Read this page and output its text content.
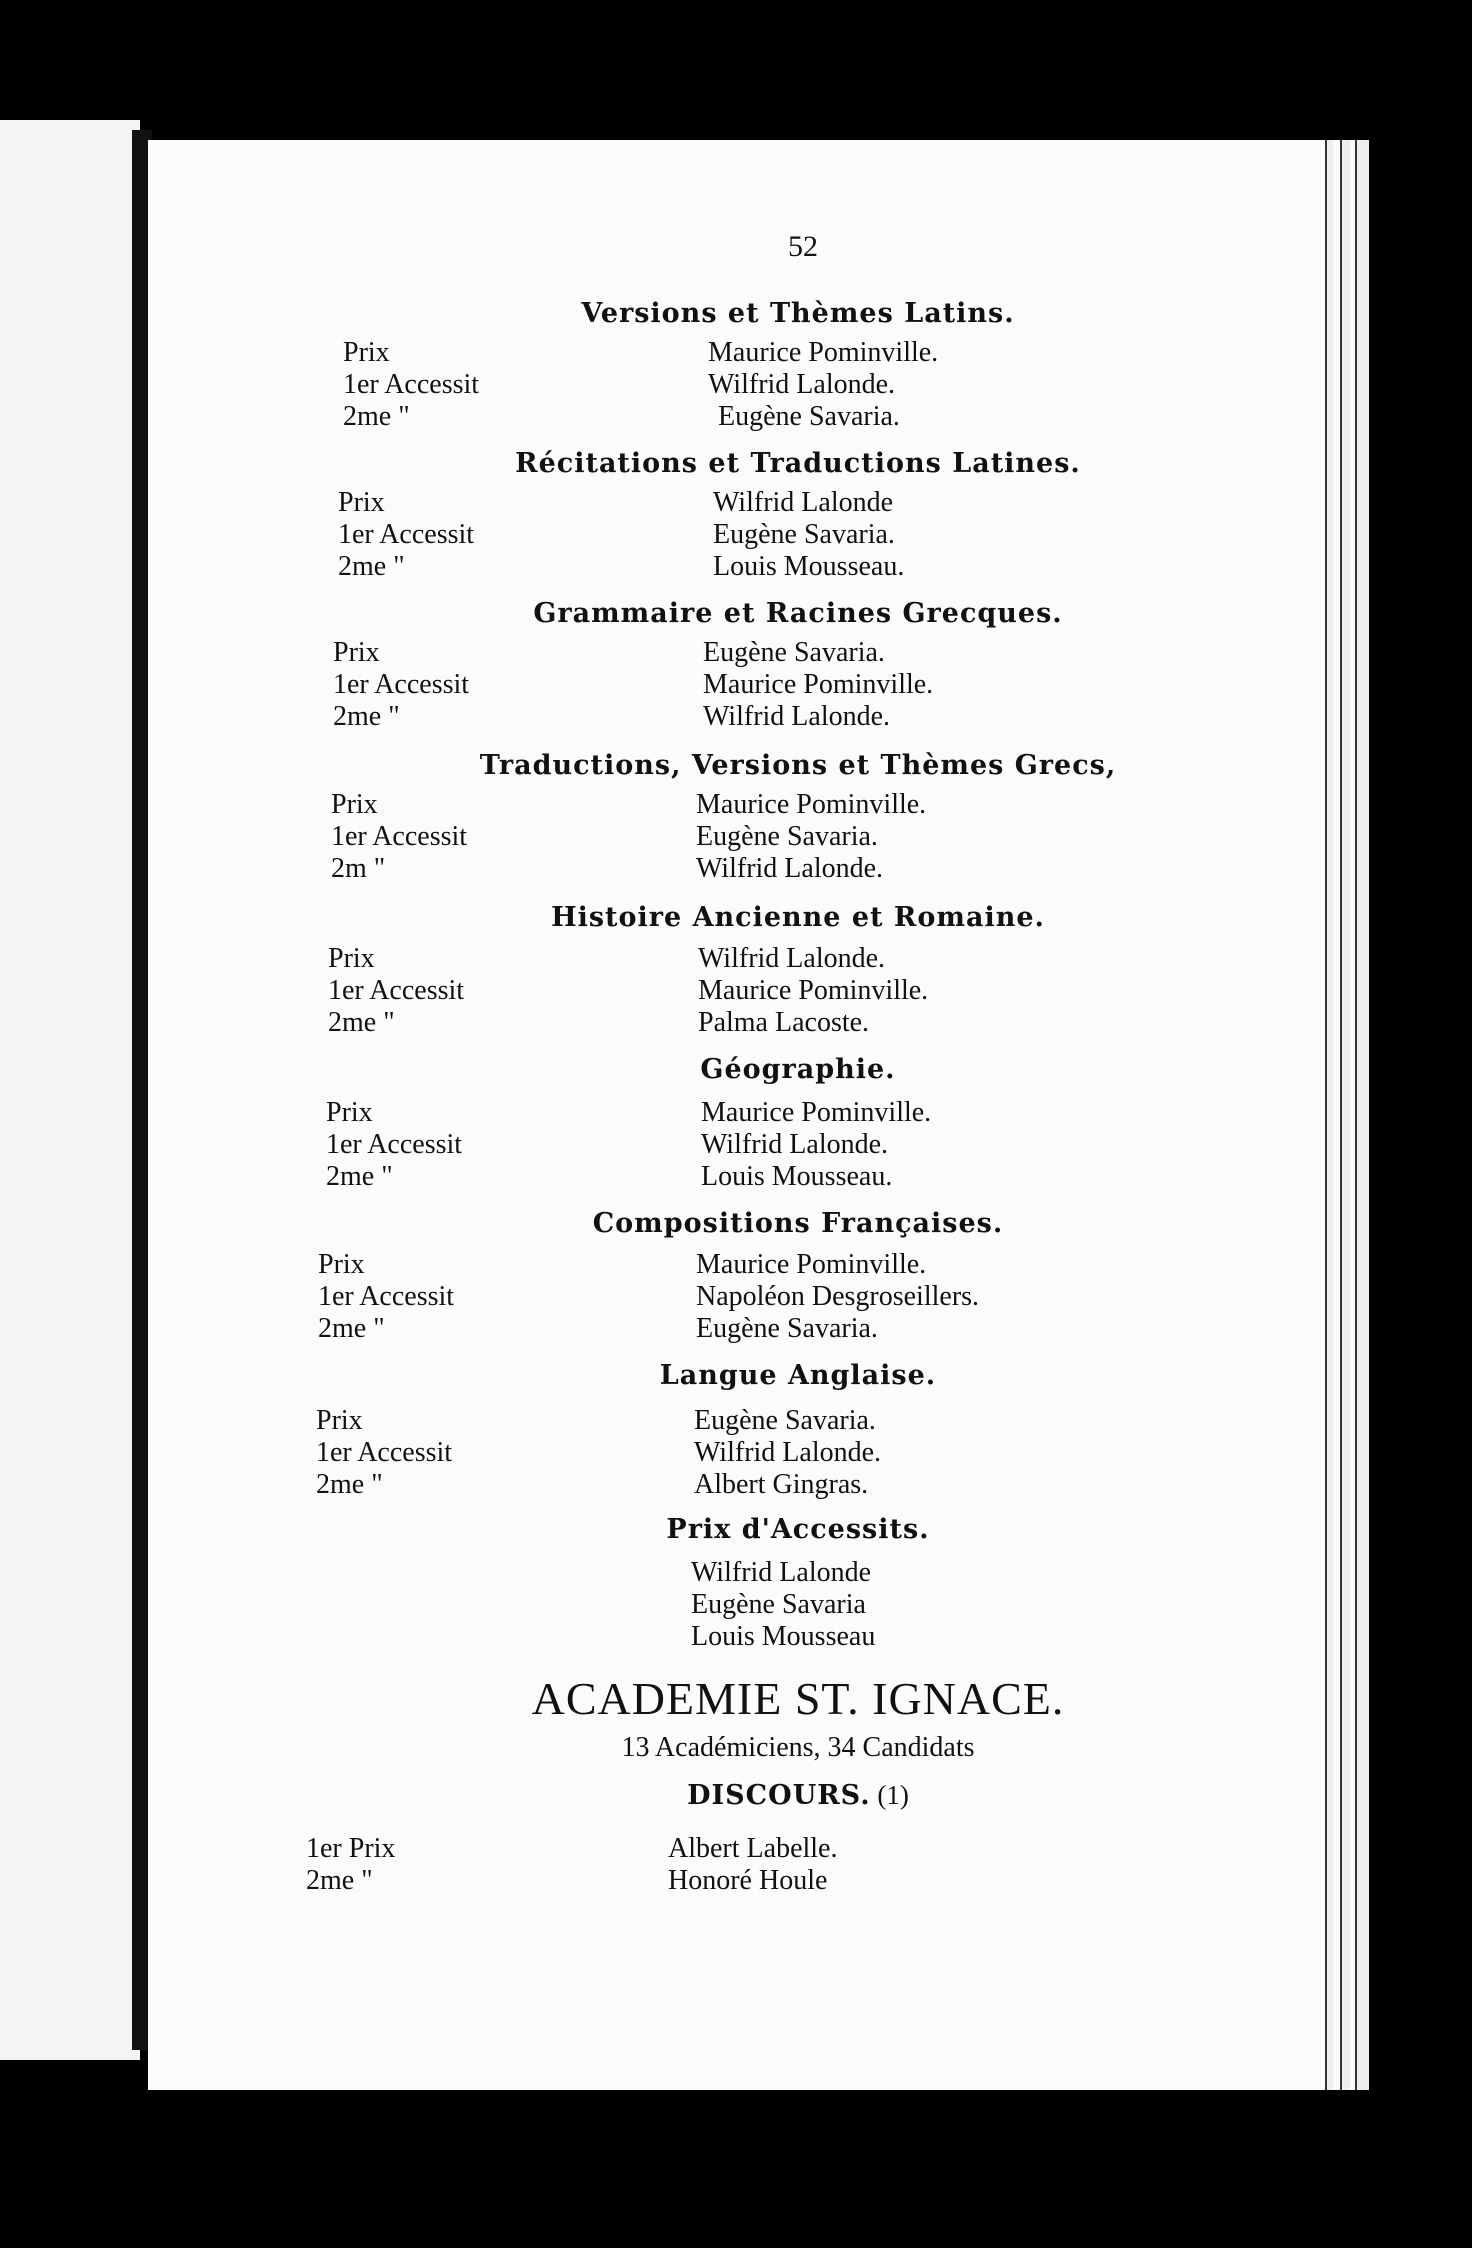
52
Versions et Thèmes Latins.
Prix	Maurice Pominville.
1er Accessit	Wilfrid Lalonde.
2me "	Eugène Savaria.
Récitations et Traductions Latines.
Prix	Wilfrid Lalonde
1er Accessit	Eugène Savaria.
2me "	Louis Mousseau.
Grammaire et Racines Grecques.
Prix	Eugène Savaria.
1er Accessit	Maurice Pominville.
2me "	Wilfrid Lalonde.
Traductions, Versions et Thèmes Grecs,
Prix	Maurice Pominville.
1er Accessit	Eugène Savaria.
2m "	Wilfrid Lalonde.
Histoire Ancienne et Romaine.
Prix	Wilfrid Lalonde.
1er Accessit	Maurice Pominville.
2me "	Palma Lacoste.
Géographie.
Prix	Maurice Pominville.
1er Accessit	Wilfrid Lalonde.
2me "	Louis Mousseau.
Compositions Françaises.
Prix	Maurice Pominville.
1er Accessit	Napoléon Desgroseillers.
2me "	Eugène Savaria.
Langue Anglaise.
Prix	Eugène Savaria.
1er Accessit	Wilfrid Lalonde.
2me "	Albert Gingras.
Prix d'Accessits.
Wilfrid Lalonde
Eugène Savaria
Louis Mousseau
ACADEMIE ST. IGNACE.
13 Académiciens, 34 Candidats
DISCOURS. (1)
1er Prix	Albert Labelle.
2me "	Honoré Houle
